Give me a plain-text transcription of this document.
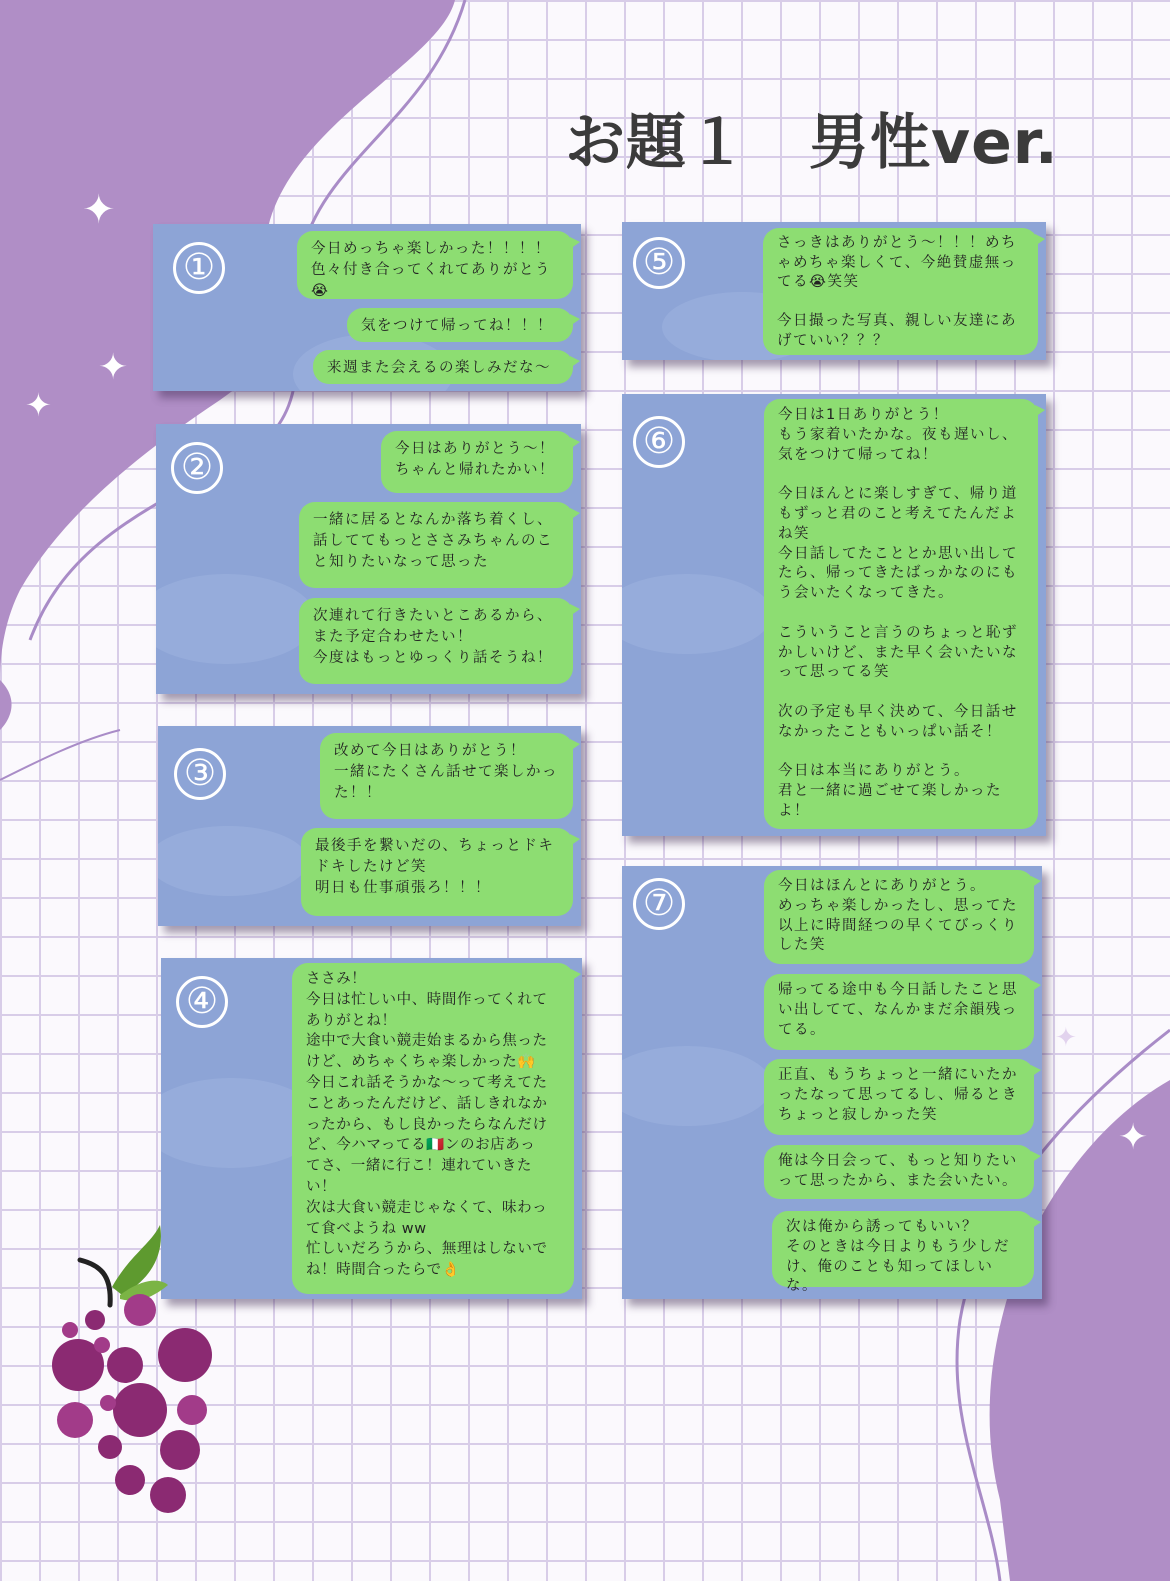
✦
✦
✦
✦
✦
お題１　男性ver.
①	今日めっちゃ楽しかった！！！！
色々付き合ってくれてありがとう
😭
気をつけて帰ってね！！！
来週また会えるの楽しみだな〜
②	今日はありがとう〜！
ちゃんと帰れたかい！
一緒に居るとなんか落ち着くし、
話しててもっとささみちゃんのこ
と知りたいなって思った
次連れて行きたいとこあるから、
また予定合わせたい！
今度はもっとゆっくり話そうね！
③
改めて今日はありがとう！
一緒にたくさん話せて楽しかっ
た！！
最後手を繋いだの、ちょっとドキ
ドキしたけど笑
明日も仕事頑張ろ！！！
④
ささみ！
今日は忙しい中、時間作ってくれて
ありがとね！
途中で大食い競走始まるから焦った
けど、めちゃくちゃ楽しかった🙌
今日これ話そうかな〜って考えてた
ことあったんだけど、話しきれなか
ったから、もし良かったらなんだけ
ど、今ハマってる🇮🇹ンのお店あっ
てさ、一緒に行こ！連れていきた
い！
次は大食い競走じゃなくて、味わっ
て食べようね ww
忙しいだろうから、無理はしないで
ね！時間合ったらで👌
⑤	さっきはありがとう〜！！！めち
ゃめちゃ楽しくて、今絶賛虚無っ
てる😭笑笑

今日撮った写真、親しい友達にあ
げていい？？？
⑥
今日は1日ありがとう！
もう家着いたかな。夜も遅いし、
気をつけて帰ってね！

今日ほんとに楽しすぎて、帰り道
もずっと君のこと考えてたんだよ
ね笑
今日話してたこととか思い出して
たら、帰ってきたばっかなのにも
う会いたくなってきた。

こういうこと言うのちょっと恥ず
かしいけど、また早く会いたいな
って思ってる笑

次の予定も早く決めて、今日話せ
なかったこともいっぱい話そ！

今日は本当にありがとう。
君と一緒に過ごせて楽しかった
よ！
⑦	今日はほんとにありがとう。
めっちゃ楽しかったし、思ってた
以上に時間経つの早くてびっくり
した笑
帰ってる途中も今日話したこと思
い出してて、なんかまだ余韻残っ
てる。
正直、もうちょっと一緒にいたか
ったなって思ってるし、帰るとき
ちょっと寂しかった笑
俺は今日会って、もっと知りたい
って思ったから、また会いたい。
次は俺から誘ってもいい？
そのときは今日よりもう少しだ
け、俺のことも知ってほしいな。
